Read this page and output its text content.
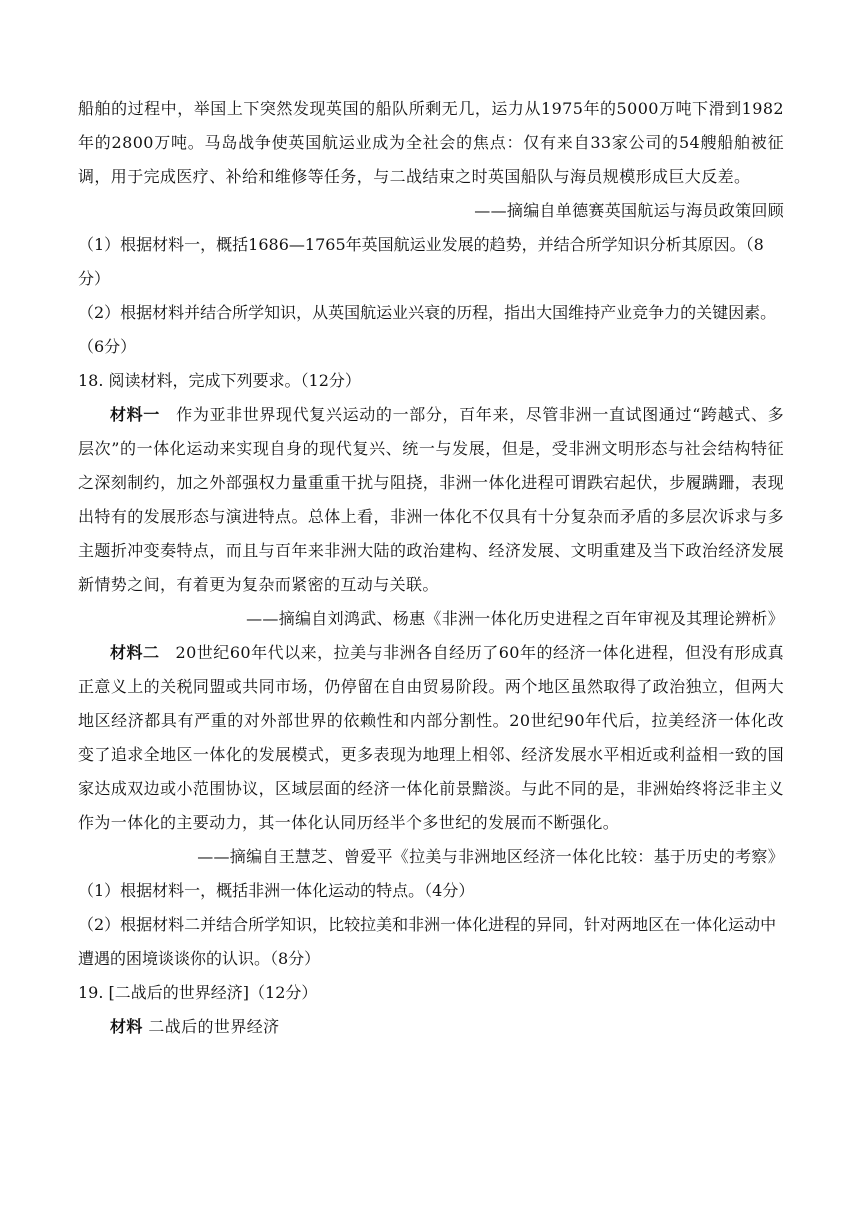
船舶的过程中，举国上下突然发现英国的船队所剩无几，运力从1975年的5000万吨下滑到1982年的2800万吨。马岛战争使英国航运业成为全社会的焦点：仅有来自33家公司的54艘船舶被征调，用于完成医疗、补给和维修等任务，与二战结束之时英国船队与海员规模形成巨大反差。

——摘编自单德赛英国航运与海员政策回顾

（1）根据材料一，概括1686—1765年英国航运业发展的趋势，并结合所学知识分析其原因。（8分）

（2）根据材料并结合所学知识，从英国航运业兴衰的历程，指出大国维持产业竞争力的关键因素。（6分）

18. 阅读材料，完成下列要求。（12分）

材料一 作为亚非世界现代复兴运动的一部分，百年来，尽管非洲一直试图通过“跨越式、多层次”的一体化运动来实现自身的现代复兴、统一与发展，但是，受非洲文明形态与社会结构特征之深刻制约，加之外部强权力量重重干扰与阻挠，非洲一体化进程可谓跌宕起伏，步履蹒跚，表现出特有的发展形态与演进特点。总体上看，非洲一体化不仅具有十分复杂而矛盾的多层次诉求与多主题折冲变奏特点，而且与百年来非洲大陆的政治建构、经济发展、文明重建及当下政治经济发展新情势之间，有着更为复杂而紧密的互动与关联。

——摘编自刘鸿武、杨惠《非洲一体化历史进程之百年审视及其理论辨析》

材料二 20世纪60年代以来，拉美与非洲各自经历了60年的经济一体化进程，但没有形成真正意义上的关税同盟或共同市场，仍停留在自由贸易阶段。两个地区虽然取得了政治独立，但两大地区经济都具有严重的对外部世界的依赖性和内部分割性。20世纪90年代后，拉美经济一体化改变了追求全地区一体化的发展模式，更多表现为地理上相邻、经济发展水平相近或利益相一致的国家达成双边或小范围协议，区域层面的经济一体化前景黯淡。与此不同的是，非洲始终将泛非主义作为一体化的主要动力，其一体化认同历经半个多世纪的发展而不断强化。

——摘编自王慧芝、曾爱平《拉美与非洲地区经济一体化比较：基于历史的考察》

（1）根据材料一，概括非洲一体化运动的特点。（4分）

（2）根据材料二并结合所学知识，比较拉美和非洲一体化进程的异同，针对两地区在一体化运动中遭遇的困境谈谈你的认识。（8分）

19. [二战后的世界经济]（12分）

材料 二战后的世界经济
